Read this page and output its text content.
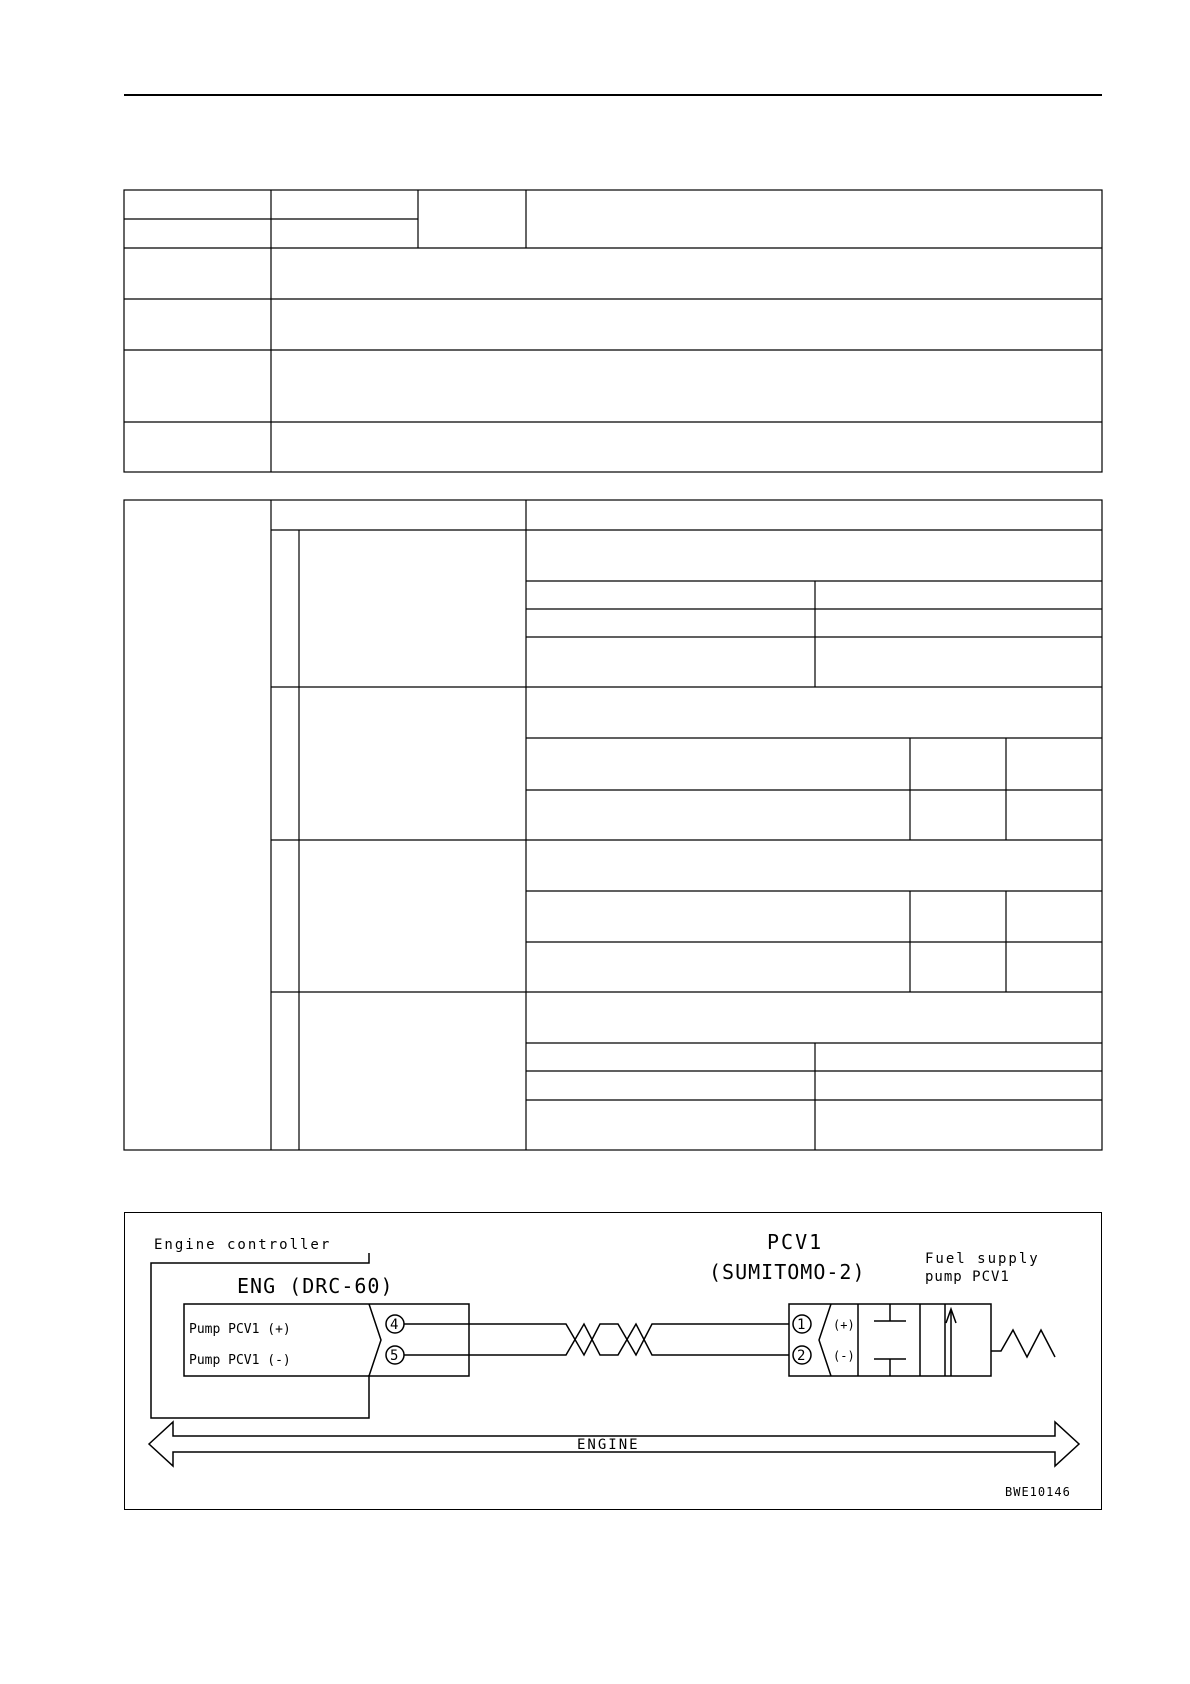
Engine controller
ENG (DRC-60)
Pump PCV1 (+)
Pump PCV1 (-)
4
5
PCV1
(SUMITOMO-2)
1
2
(+)
(-)
Fuel supply
pump PCV1
ENGINE
BWE10146
